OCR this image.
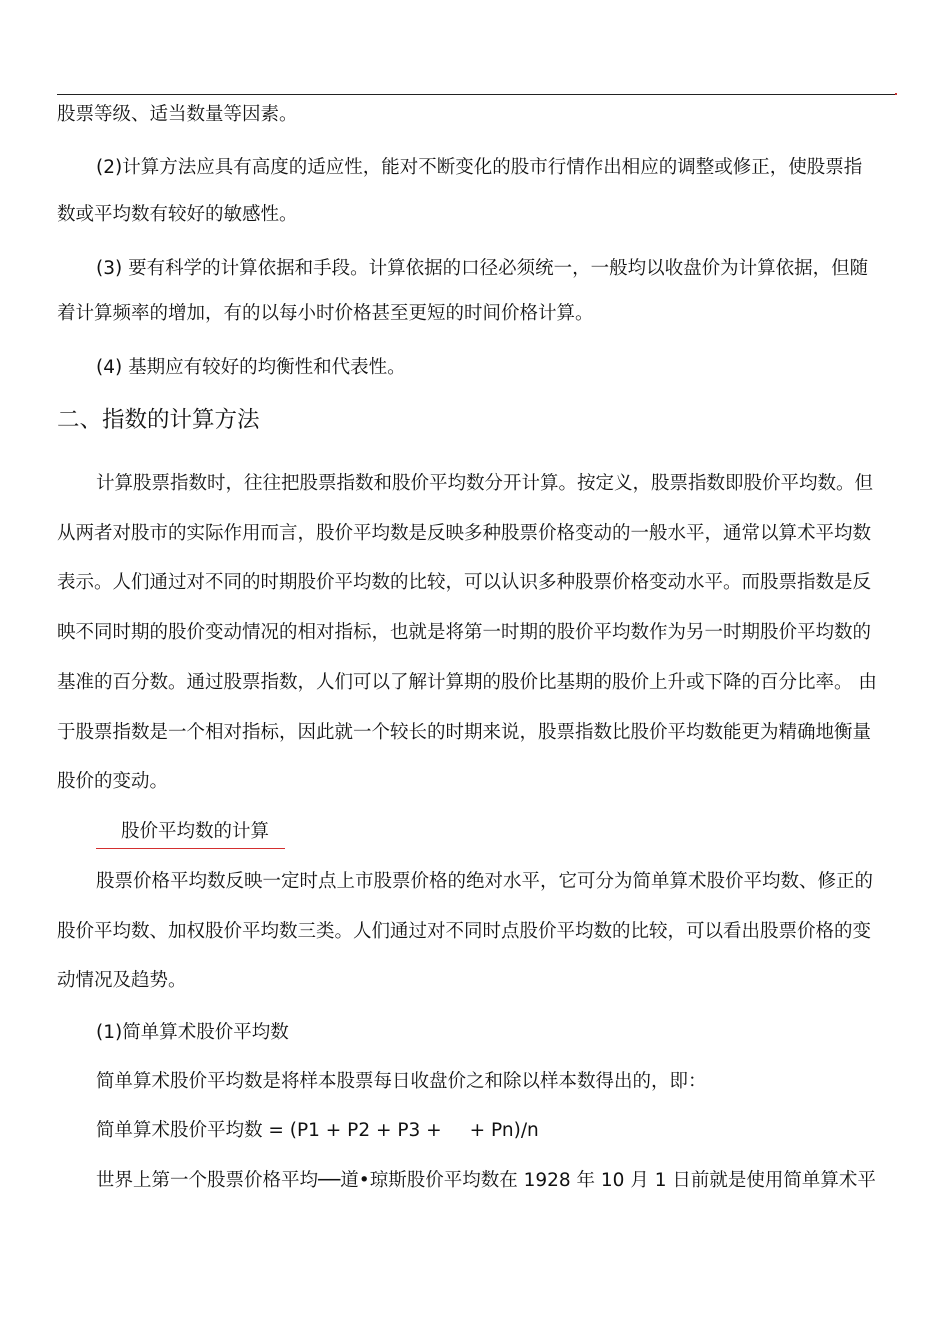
股票等级、适当数量等因素。
(2)计算方法应具有高度的适应性，能对不断变化的股市行情作出相应的调整或修正，使股票指
数或平均数有较好的敏感性。
(3) 要有科学的计算依据和手段。计算依据的口径必须统一，一般均以收盘价为计算依据，但随
着计算频率的增加，有的以每小时价格甚至更短的时间价格计算。
(4) 基期应有较好的均衡性和代表性。
二、指数的计算方法
计算股票指数时，往往把股票指数和股价平均数分开计算。按定义，股票指数即股价平均数。但
从两者对股市的实际作用而言，股价平均数是反映多种股票价格变动的一般水平，通常以算术平均数
表示。人们通过对不同的时期股价平均数的比较，可以认识多种股票价格变动水平。而股票指数是反
映不同时期的股价变动情况的相对指标，也就是将第一时期的股价平均数作为另一时期股价平均数的
基准的百分数。通过股票指数，人们可以了解计算期的股价比基期的股价上升或下降的百分比率。 由
于股票指数是一个相对指标，因此就一个较长的时期来说，股票指数比股价平均数能更为精确地衡量
股价的变动。
股价平均数的计算
股票价格平均数反映一定时点上市股票价格的绝对水平，它可分为简单算术股价平均数、修正的
股价平均数、加权股价平均数三类。人们通过对不同时点股价平均数的比较，可以看出股票价格的变
动情况及趋势。
(1)简单算术股价平均数
简单算术股价平均数是将样本股票每日收盘价之和除以样本数得出的，即：
简单算术股价平均数 = (P1 + P2 + P3 + + Pn)/n
世界上第一个股票价格平均──道•琼斯股价平均数在 1928 年 10 月 1 日前就是使用简单算术平
